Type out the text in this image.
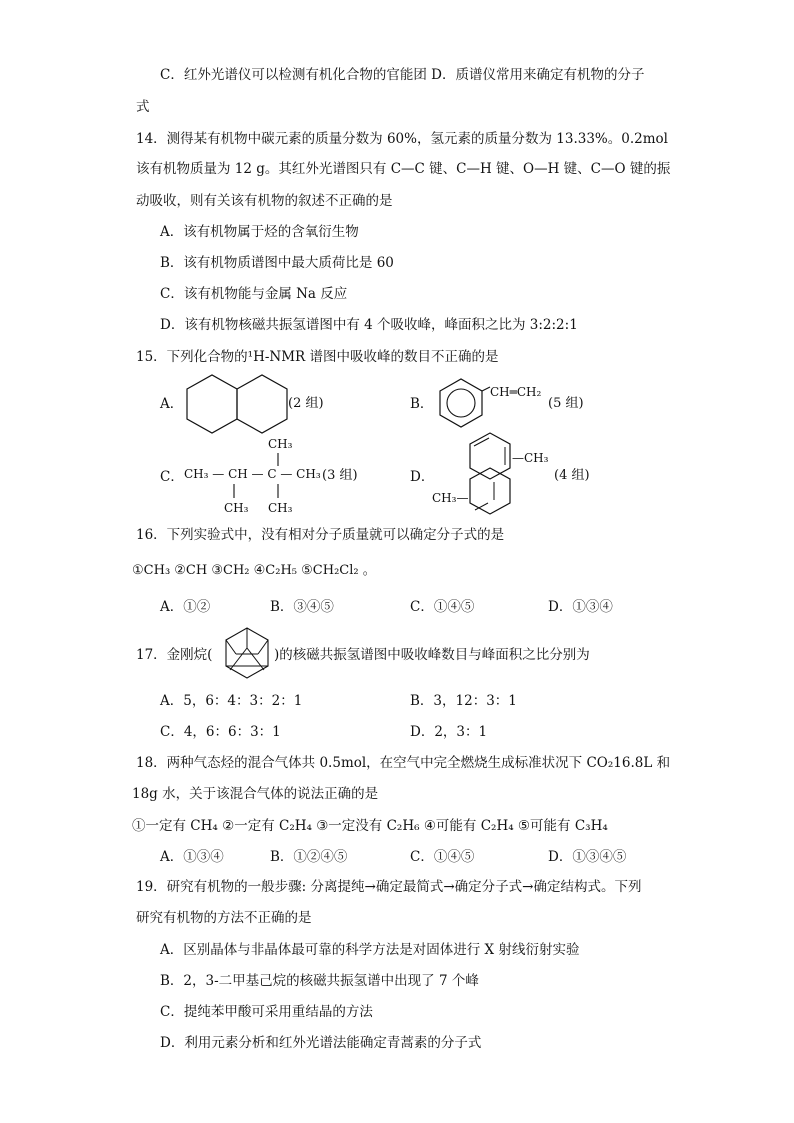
C．红外光谱仪可以检测有机化合物的官能团 D．质谱仪常用来确定有机物的分子
式
14．测得某有机物中碳元素的质量分数为 60%，氢元素的质量分数为 13.33%。0.2mol
该有机物质量为 12 g。其红外光谱图只有 C—C 键、C—H 键、O—H 键、C—O 键的振
动吸收，则有关该有机物的叙述不正确的是
A．该有机物属于烃的含氧衍生物
B．该有机物质谱图中最大质荷比是 60
C．该有机物能与金属 Na 反应
D．该有机物核磁共振氢谱图中有 4 个吸收峰，峰面积之比为 3:2:2:1
15．下列化合物的¹H-NMR 谱图中吸收峰的数目不正确的是
A．	(2 组)	B．
CH═CH₂
(5 组)
C．
CH₃
CH₃ — CH — C — CH₃
CH₃ CH₃
(3 组)	D．
—CH₃
CH₃—
(4 组)
16．下列实验式中，没有相对分子质量就可以确定分子式的是
①CH₃ ②CH ③CH₂ ④C₂H₅ ⑤CH₂Cl₂ 。
A．①②	B．③④⑤	C．①④⑤	D．①③④
17．金刚烷(	)的核磁共振氢谱图中吸收峰数目与峰面积之比分别为
A．5，6：4：3：2：1	B．3，12：3：1
C．4，6：6：3：1	D．2，3：1
18．两种气态烃的混合气体共 0.5mol，在空气中完全燃烧生成标准状况下 CO₂16.8L 和
18g 水，关于该混合气体的说法正确的是
①一定有 CH₄ ②一定有 C₂H₄ ③一定没有 C₂H₆ ④可能有 C₂H₄ ⑤可能有 C₃H₄
A．①③④	B．①②④⑤	C．①④⑤	D．①③④⑤
19．研究有机物的一般步骤: 分离提纯→确定最简式→确定分子式→确定结构式。下列
研究有机物的方法不正确的是
A．区别晶体与非晶体最可靠的科学方法是对固体进行 X 射线衍射实验
B．2，3-二甲基己烷的核磁共振氢谱中出现了 7 个峰
C．提纯苯甲酸可采用重结晶的方法
D．利用元素分析和红外光谱法能确定青蒿素的分子式
